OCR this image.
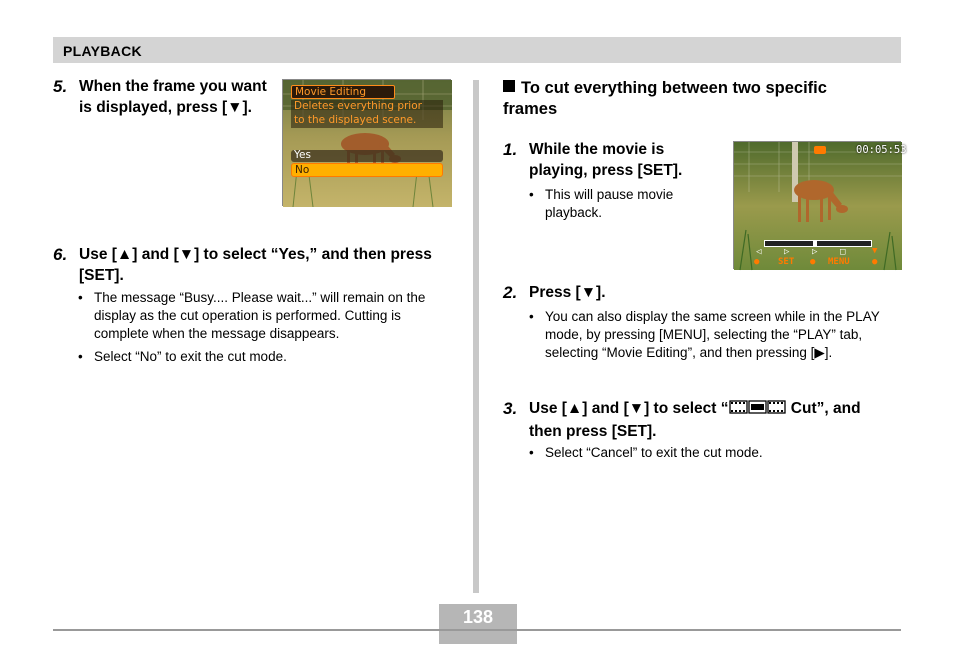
PLAYBACK
5. When the frame you want is displayed, press [▼].
Movie Editing
Deletes everything prior
to the displayed scene.
Yes
No
6. Use [▲] and [▼] to select “Yes,” and then press [SET].
• The message “Busy.... Please wait...” will remain on the display as the cut operation is performed. Cutting is complete when the message disappears.
• Select “No” to exit the cut mode.
To cut everything between two specific frames
1. While the movie is playing, press [SET].
• This will pause movie playback.
00:05:53
◁	▷	▷	□	▼
● SET ● MENU ●
2. Press [▼].
• You can also display the same screen while in the PLAY mode, by pressing [MENU], selecting the “PLAY” tab, selecting “Movie Editing”, and then pressing [▶].
3. Use [▲] and [▼] to select “	Cut”, and then press [SET].
• Select “Cancel” to exit the cut mode.
138
